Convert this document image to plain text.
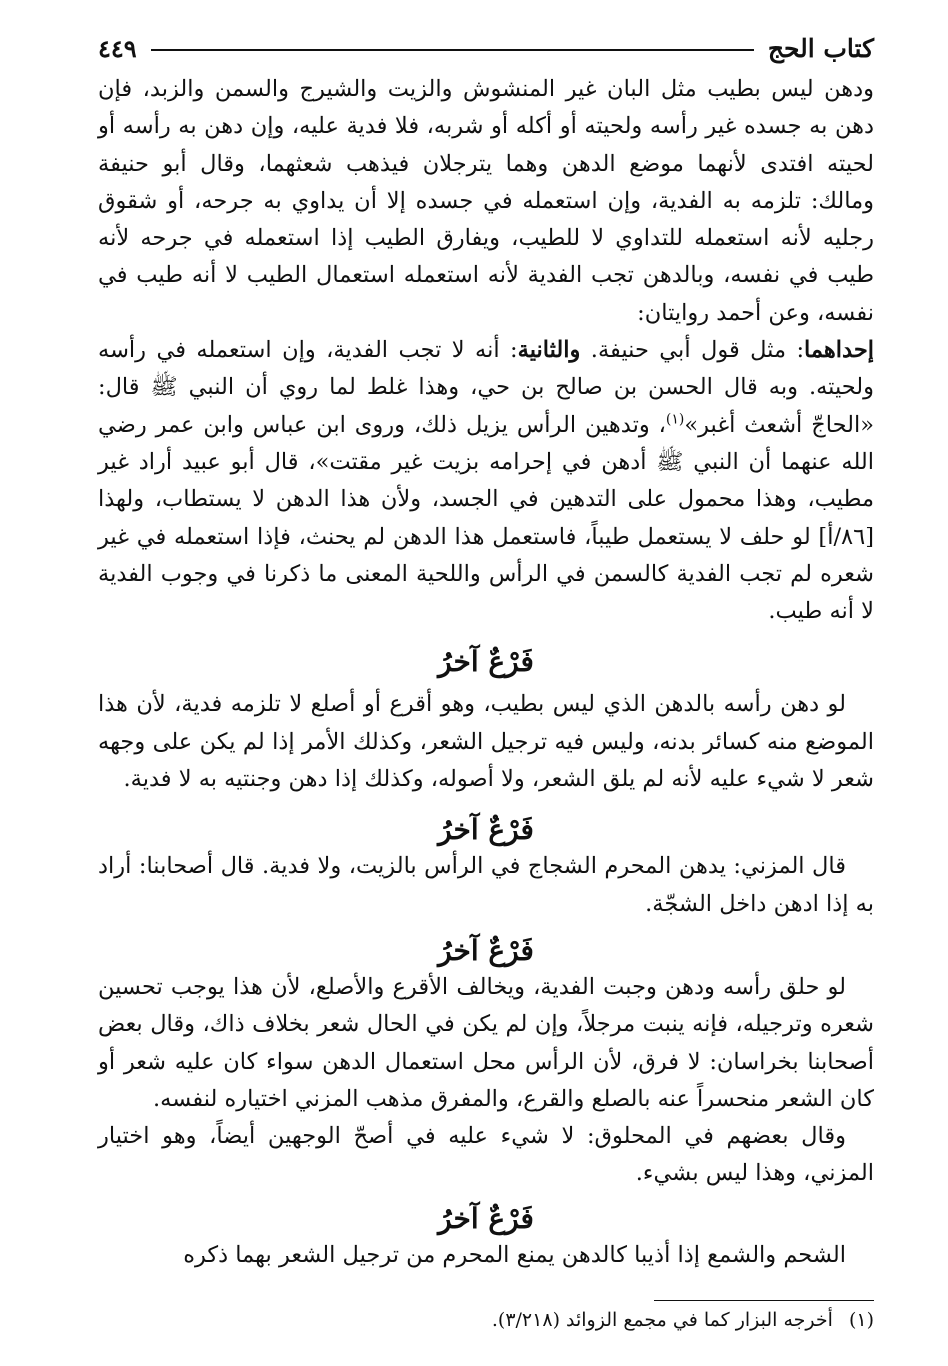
كتاب الحج
٤٤٩

ودهن ليس بطيب مثل البان غير المنشوش والزيت والشيرج والسمن والزبد، فإن دهن به جسده غير رأسه ولحيته أو أكله أو شربه، فلا فدية عليه، وإن دهن به رأسه أو لحيته افتدى لأنهما موضع الدهن وهما يترجلان فيذهب شعثهما، وقال أبو حنيفة ومالك: تلزمه به الفدية، وإن استعمله في جسده إلا أن يداوي به جرحه، أو شقوق رجليه لأنه استعمله للتداوي لا للطيب، ويفارق الطيب إذا استعمله في جرحه لأنه طيب في نفسه، وبالدهن تجب الفدية لأنه استعمله استعمال الطيب لا أنه طيب في نفسه، وعن أحمد روايتان:

إحداهما: مثل قول أبي حنيفة. والثانية: أنه لا تجب الفدية، وإن استعمله في رأسه ولحيته. وبه قال الحسن بن صالح بن حي، وهذا غلط لما روي أن النبي ﷺ قال: «الحاجّ أشعث أغبر»$^{(١)}$، وتدهين الرأس يزيل ذلك، وروى ابن عباس وابن عمر رضي الله عنهما أن النبي ﷺ أدهن في إحرامه بزيت غير مقتت»، قال أبو عبيد أراد غير مطيب، وهذا محمول على التدهين في الجسد، ولأن هذا الدهن لا يستطاب، ولهذا [٨٦/أ] لو حلف لا يستعمل طيباً، فاستعمل هذا الدهن لم يحنث، فإذا استعمله في غير شعره لم تجب الفدية كالسمن في الرأس واللحية المعنى ما ذكرنا في وجوب الفدية لا أنه طيب.

فَرْعٌ آخرُ

لو دهن رأسه بالدهن الذي ليس بطيب، وهو أقرع أو أصلع لا تلزمه فدية، لأن هذا الموضع منه كسائر بدنه، وليس فيه ترجيل الشعر، وكذلك الأمر إذا لم يكن على وجهه شعر لا شيء عليه لأنه لم يلق الشعر، ولا أصوله، وكذلك إذا دهن وجنتيه به لا فدية.

فَرْعٌ آخرُ

قال المزني: يدهن المحرم الشجاج في الرأس بالزيت، ولا فدية. قال أصحابنا: أراد به إذا ادهن داخل الشجّة.

فَرْعٌ آخرُ

لو حلق رأسه ودهن وجبت الفدية، ويخالف الأقرع والأصلع، لأن هذا يوجب تحسين شعره وترجيله، فإنه ينبت مرجلاً، وإن لم يكن في الحال شعر بخلاف ذاك، وقال بعض أصحابنا بخراسان: لا فرق، لأن الرأس محل استعمال الدهن سواء كان عليه شعر أو كان الشعر منحسراً عنه بالصلع والقرع، والمفرق مذهب المزني اختياره لنفسه.

وقال بعضهم في المحلوق: لا شيء عليه في أصحّ الوجهين أيضاً، وهو اختيار المزني، وهذا ليس بشيء.

فَرْعٌ آخرُ

الشحم والشمع إذا أذيبا كالدهن يمنع المحرم من ترجيل الشعر بهما ذكره

(١)أخرجه البزار كما في مجمع الزوائد (٣/٢١٨).
